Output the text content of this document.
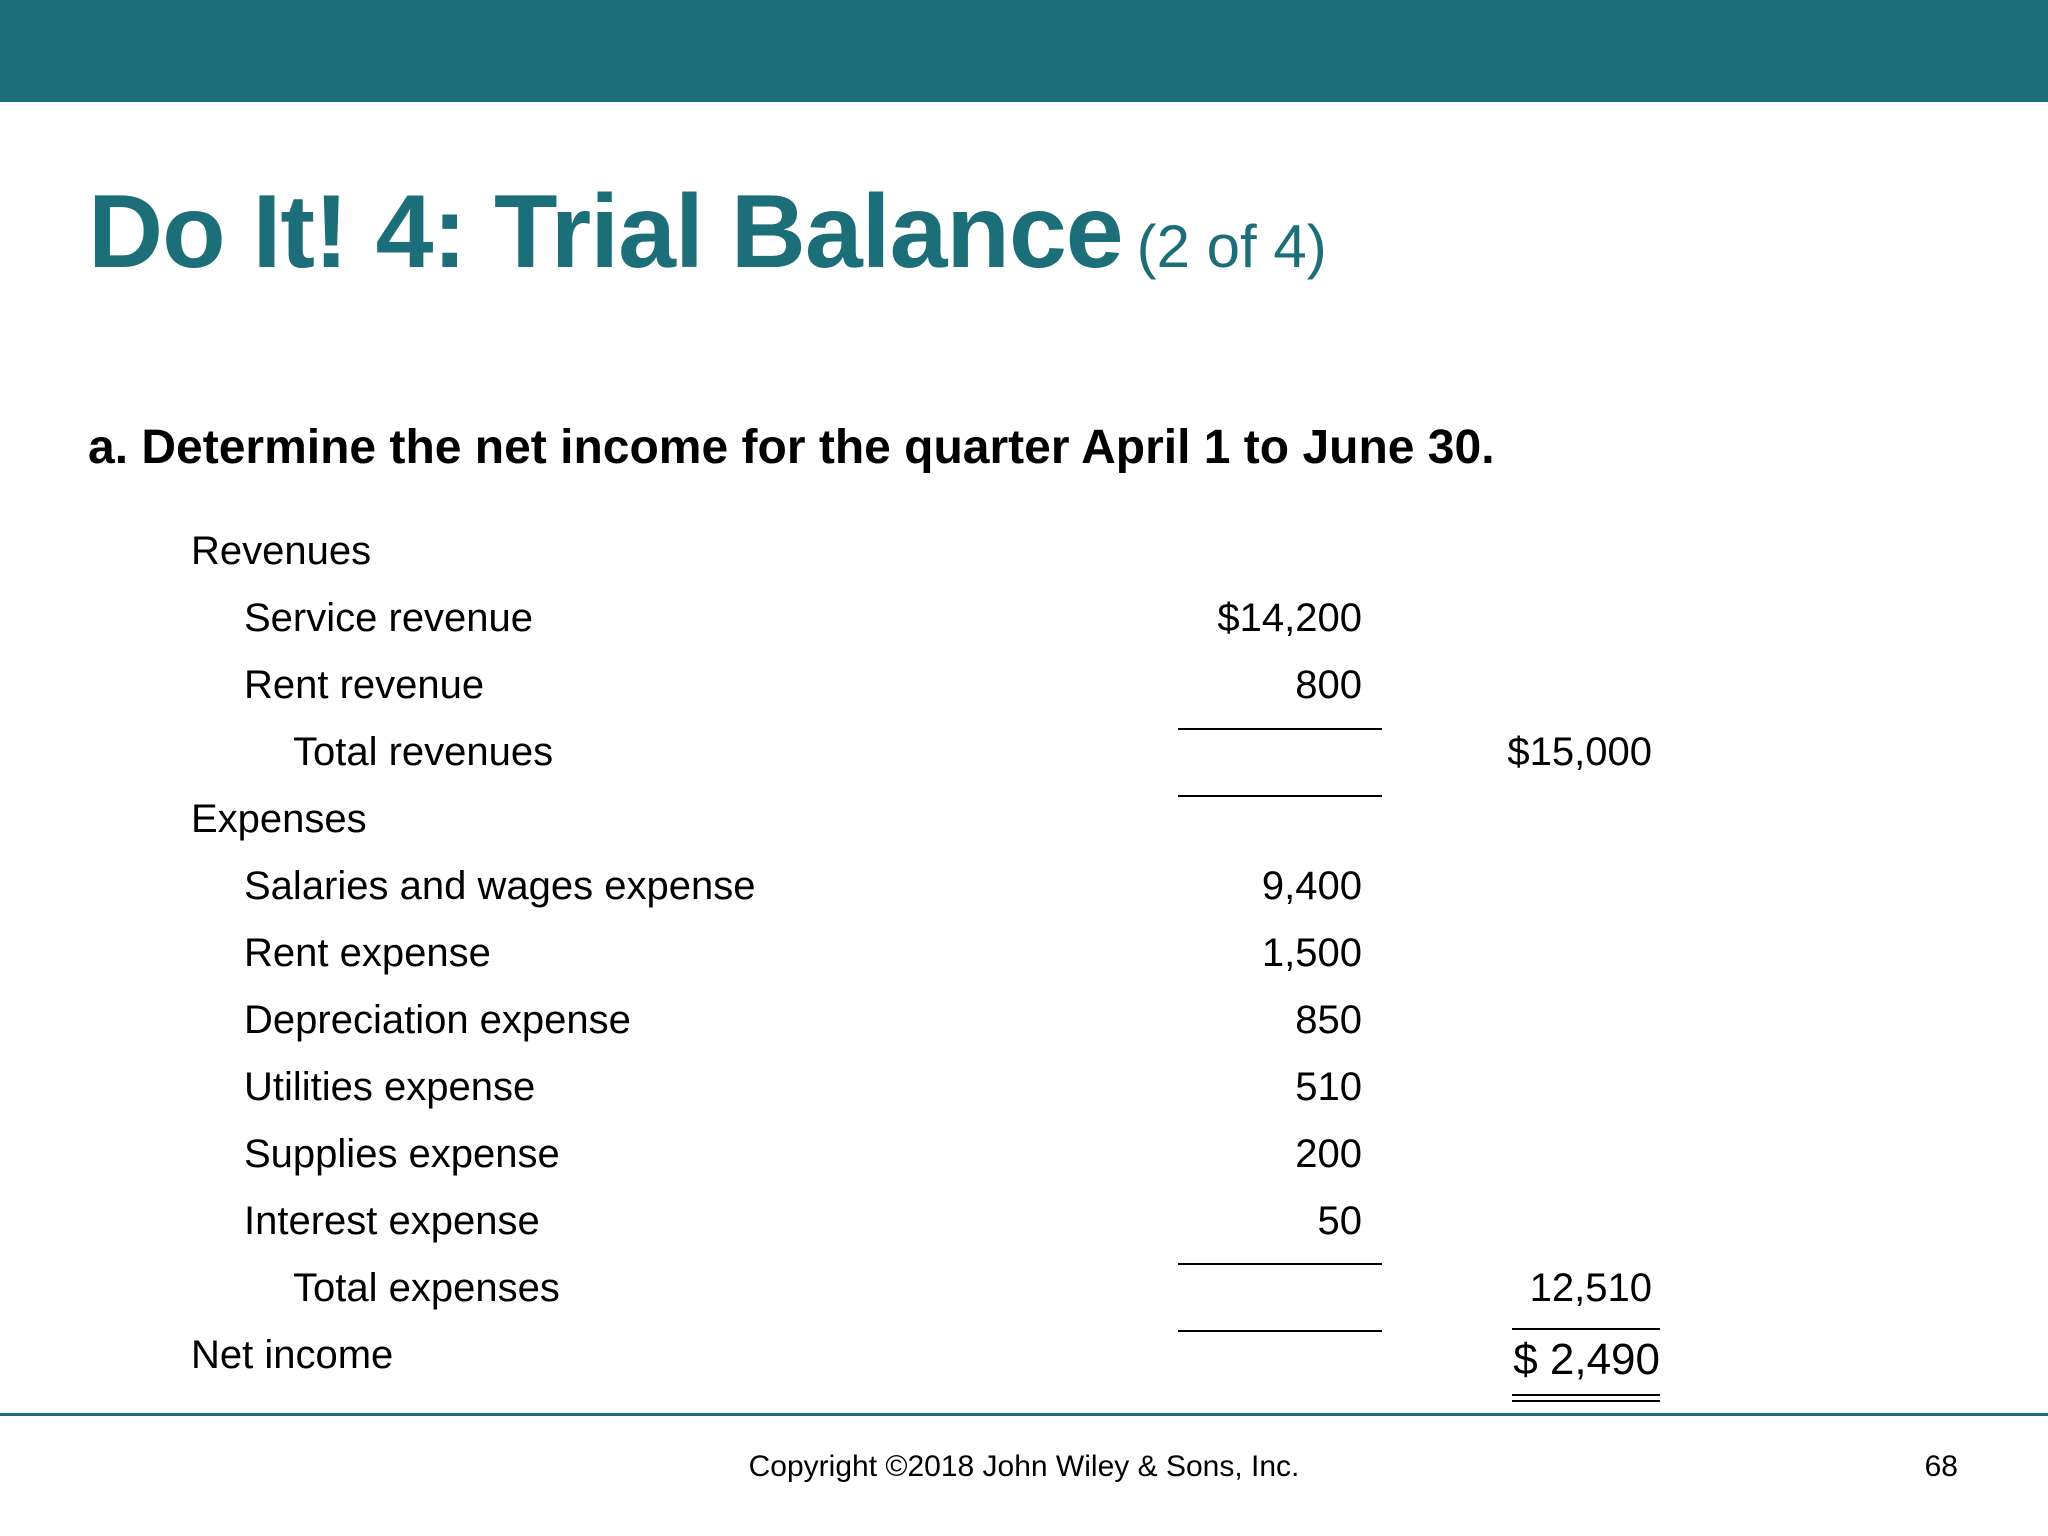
Do It! 4: Trial Balance (2 of 4)
a. Determine the net income for the quarter April 1 to June 30.
Revenues
Service revenue	$14,200
Rent revenue	800
Total revenues	$15,000
Expenses
Salaries and wages expense	9,400
Rent expense	1,500
Depreciation expense	850
Utilities expense	510
Supplies expense	200
Interest expense	50
Total expenses	12,510
Net income	$ 2,490
Copyright ©2018 John Wiley & Sons, Inc.	68
